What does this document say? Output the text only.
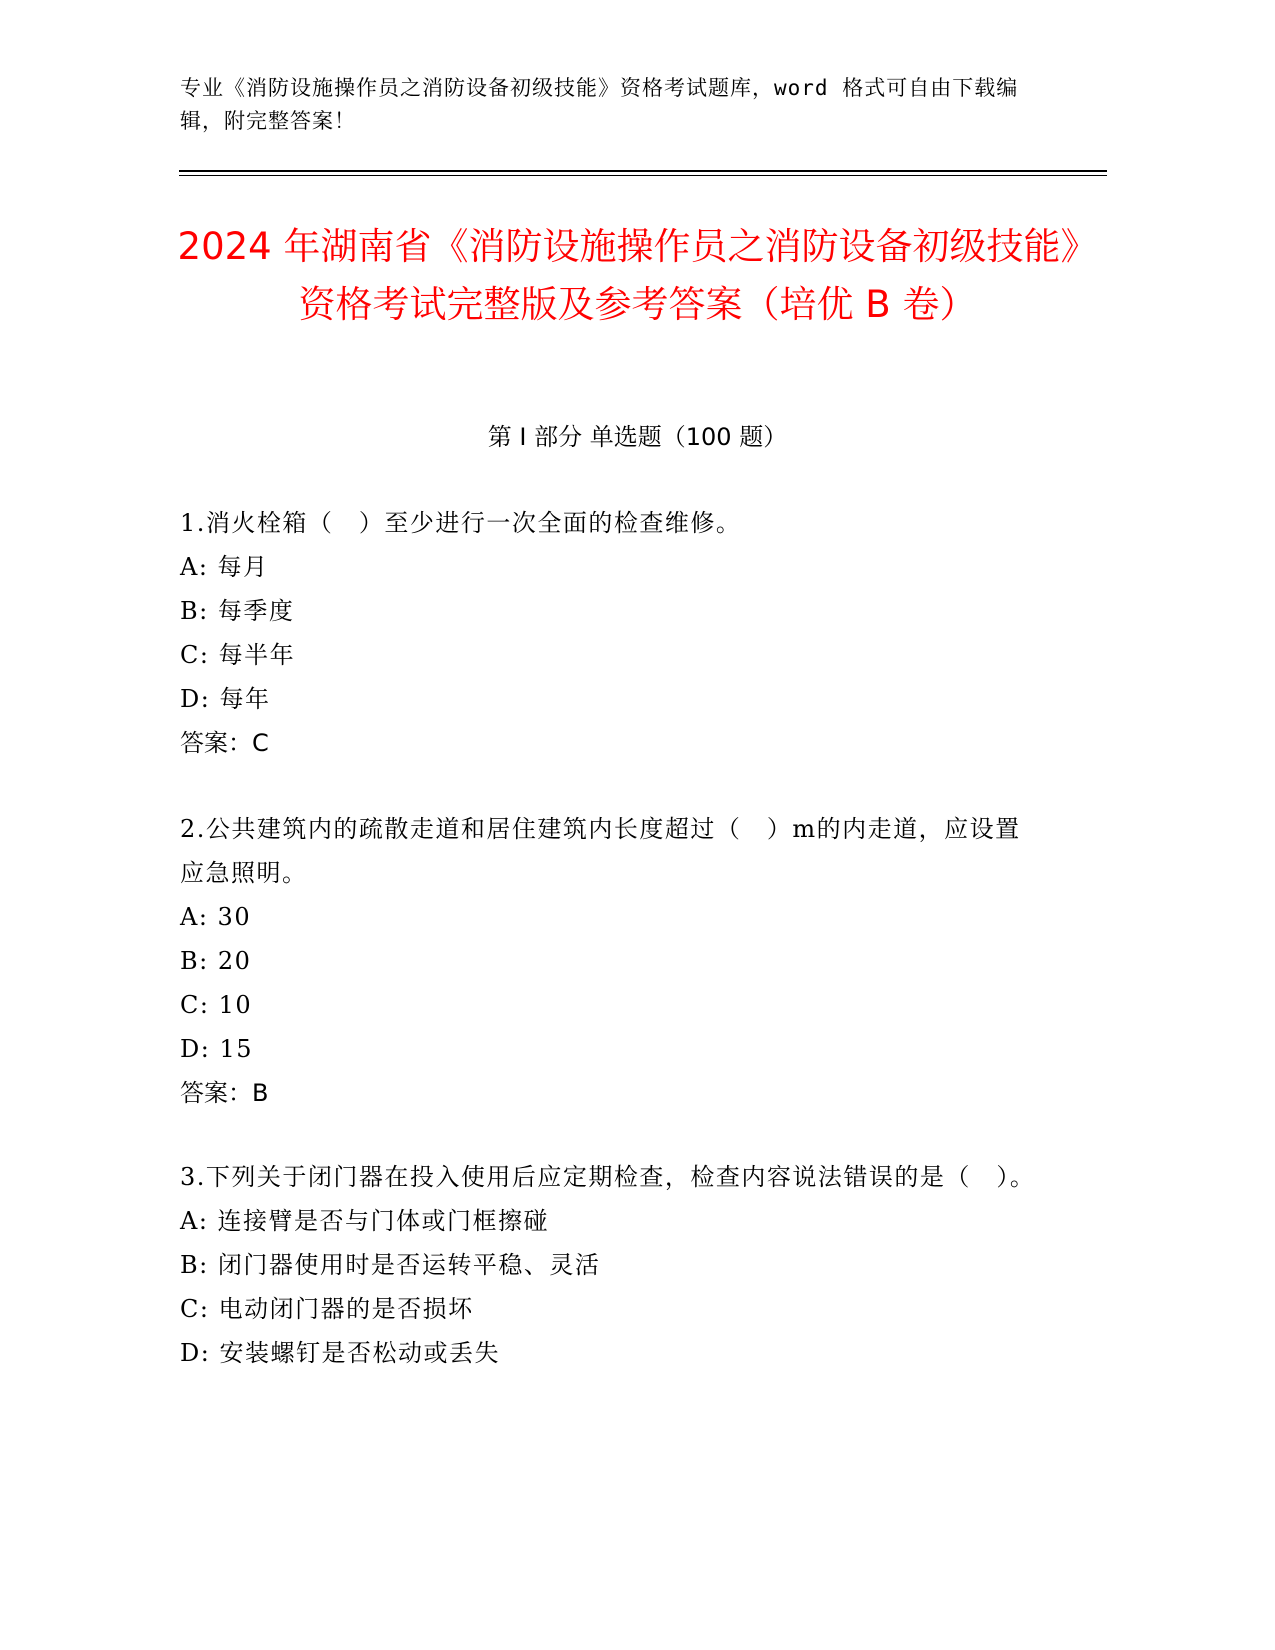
专业《消防设施操作员之消防设备初级技能》资格考试题库，word 格式可自由下载编辑，附完整答案！
2024 年湖南省《消防设施操作员之消防设备初级技能》资格考试完整版及参考答案（培优 B 卷）
第 I 部分 单选题（100 题）
1.消火栓箱（　）至少进行一次全面的检查维修。
A: 每月
B: 每季度
C: 每半年
D: 每年
答案：C
2.公共建筑内的疏散走道和居住建筑内长度超过（　）m的内走道，应设置应急照明。
A: 30
B: 20
C: 10
D: 15
答案：B
3.下列关于闭门器在投入使用后应定期检查，检查内容说法错误的是（　）。
A: 连接臂是否与门体或门框擦碰
B: 闭门器使用时是否运转平稳、灵活
C: 电动闭门器的是否损坏
D: 安装螺钉是否松动或丢失
